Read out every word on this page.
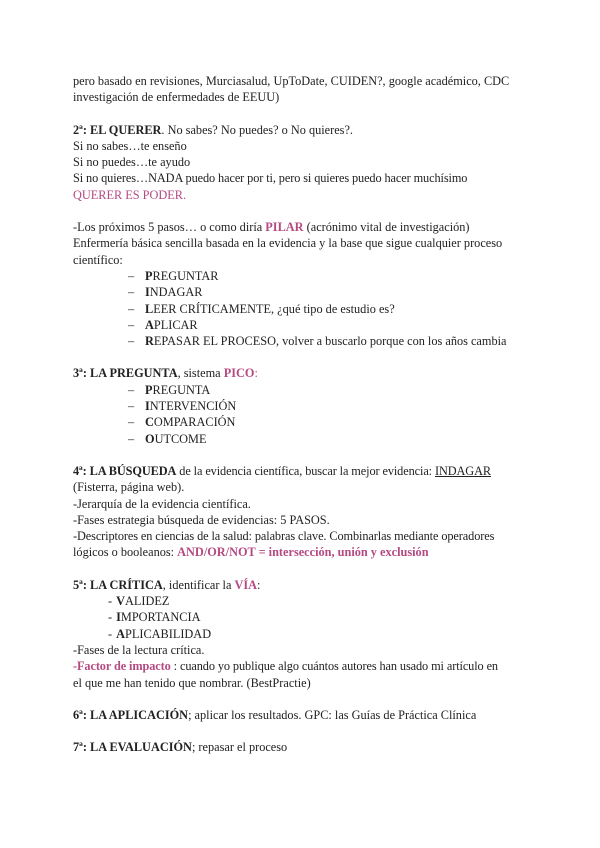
pero basado en revisiones, Murciasalud, UpToDate, CUIDEN?, google académico, CDC

investigación de enfermedades de EEUU)

2ª: EL QUERER. No sabes? No puedes? o No quieres?.

Si no sabes…te enseño

Si no puedes…te ayudo

Si no quieres…NADA puedo hacer por ti, pero si quieres puedo hacer muchísimo

QUERER ES PODER.

-Los próximos 5 pasos… o como diría PILAR (acrónimo vital de investigación)

Enfermería básica sencilla basada en la evidencia y la base que sigue cualquier proceso

científico:

– PREGUNTAR
– INDAGAR
– LEER CRÍTICAMENTE, ¿qué tipo de estudio es?
– APLICAR
– REPASAR EL PROCESO, volver a buscarlo porque con los años cambia

3ª: LA PREGUNTA, sistema PICO:

– PREGUNTA
– INTERVENCIÓN
– COMPARACIÓN
– OUTCOME

4ª: LA BÚSQUEDA de la evidencia científica, buscar la mejor evidencia: INDAGAR

(Fisterra, página web).

-Jerarquía de la evidencia científica.

-Fases estrategia búsqueda de evidencias: 5 PASOS.

-Descriptores en ciencias de la salud: palabras clave. Combinarlas mediante operadores

lógicos o booleanos: AND/OR/NOT = intersección, unión y exclusión

5ª: LA CRÍTICA, identificar la VÍA:

- VALIDEZ
- IMPORTANCIA
- APLICABILIDAD

-Fases de la lectura crítica.

-Factor de impacto : cuando yo publique algo cuántos autores han usado mi artículo en

el que me han tenido que nombrar. (BestPractie)

6ª: LA APLICACIÓN; aplicar los resultados. GPC: las Guías de Práctica Clínica

7ª: LA EVALUACIÓN; repasar el proceso
